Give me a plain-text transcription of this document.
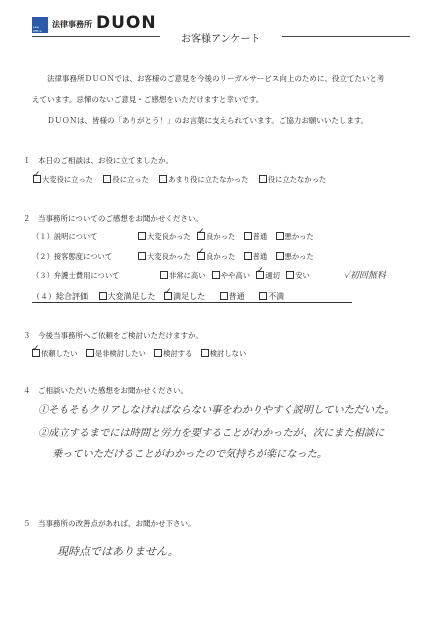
Law Office
法律事務所 DUON
お客様アンケート
法律事務所ＤＵＯＮでは、お客様のご意見を今後のリーガルサービス向上のために、役立てたいと考
えています。忌憚のないご意見・ご感想をいただけますと幸いです。
ＤＵＯＮは、皆様の「ありがとう！」のお言葉に支えられています。ご協力お願いいたします。
１　本日のご相談は、お役に立てましたか。
✓大変役に立った	役に立った	あまり役に立たなかった	役に立たなかった
２　当事務所についてのご感想をお聞かせください。
（１）説明について	大変良かった ✓ 良かった 普通 悪かった
（２）接客態度について	大変良かった ✓ 良かった 普通 悪かった
（３）弁護士費用について	非常に高い やや高い ✓ 適切 安い	✓初回無料
（４）総合評価 大変満足した ✓ 満足した	普通	不満
３　今後当事務所へご依頼をご検討いただけますか。
✓依頼したい 是非検討したい 検討する 検討しない
４　ご相談いただいた感想をお聞かせください。
①そもそもクリアしなければならない事をわかりやすく説明していただいた。
②成立するまでには時間と労力を要することがわかったが、次にまた相談に
乗っていただけることがわかったので気持ちが楽になった。
５　当事務所の改善点があれば、お聞かせ下さい。
現時点ではありません。
